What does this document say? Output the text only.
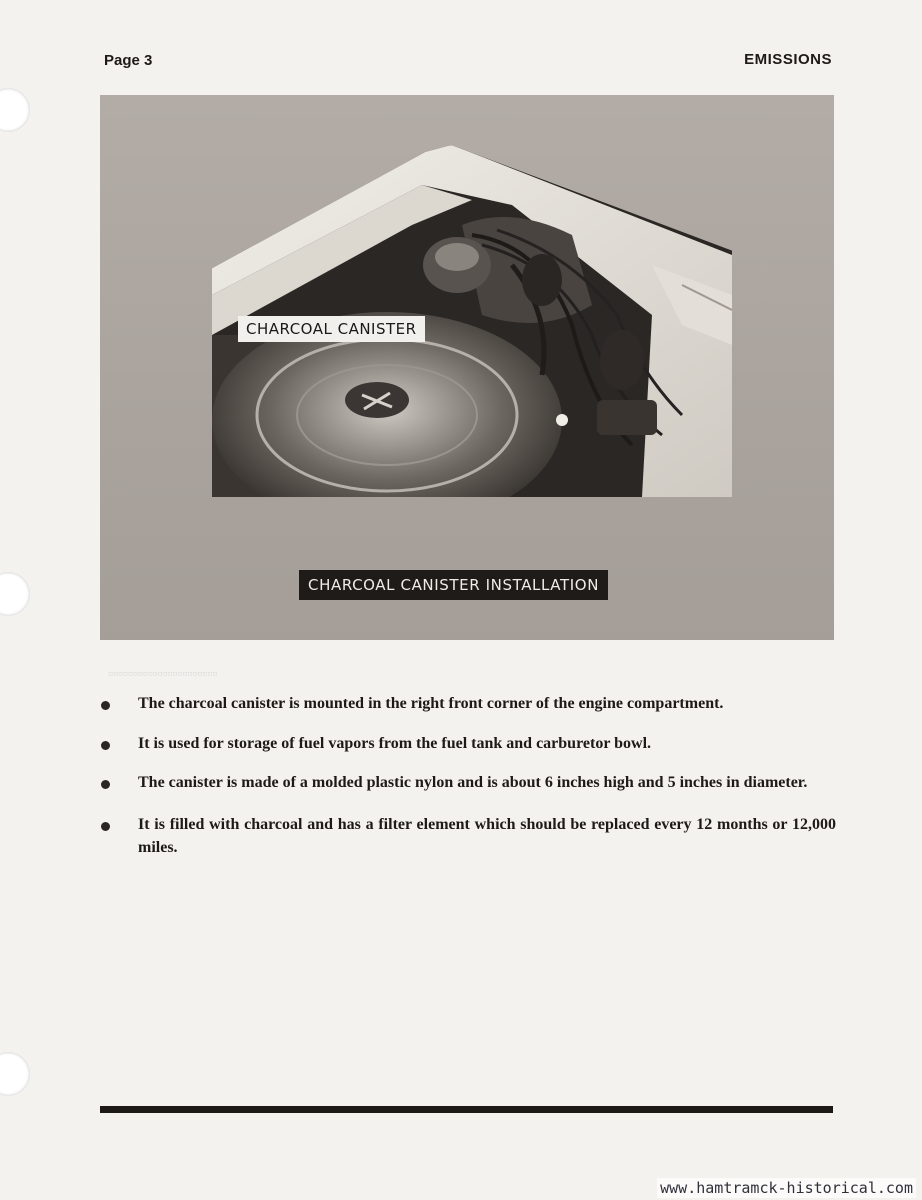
Page 3	EMISSIONS
CHARCOAL CANISTER
CHARCOAL CANISTER INSTALLATION

▫▫▫▫▫▫▫▫▫▫▫▫▫▫▫▫▫▫▫▫▫▫

The charcoal canister is mounted in the right front corner of the engine compartment.
It is used for storage of fuel vapors from the fuel tank and carburetor bowl.
The canister is made of a molded plastic nylon and is about 6 inches high and 5 inches in diameter.
It is filled with charcoal and has a filter element which should be replaced every 12 months or 12,000 miles.
www.hamtramck-historical.com
